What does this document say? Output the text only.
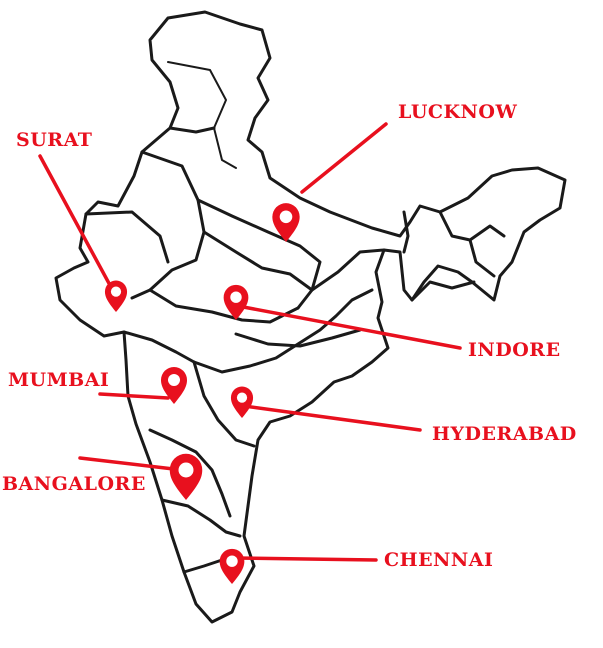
LUCKNOW
SURAT
INDORE
MUMBAI
HYDERABAD
BANGALORE
CHENNAI
